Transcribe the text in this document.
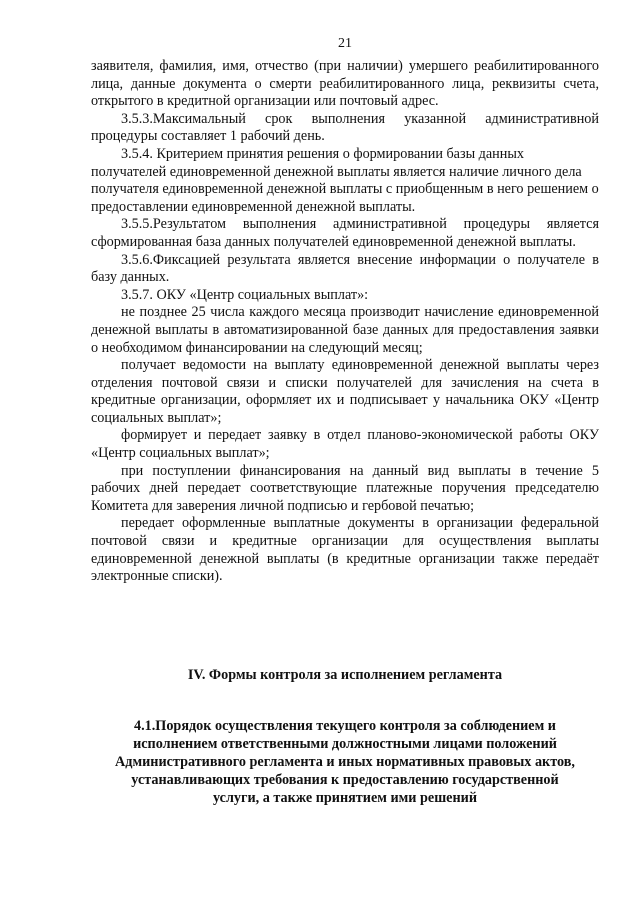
21

заявителя, фамилия, имя, отчество (при наличии) умершего реабилитированного лица, данные документа о смерти реабилитированного лица, реквизиты счета, открытого в кредитной организации или почтовый адрес.

3.5.3.Максимальный срок выполнения указанной административной процедуры составляет 1 рабочий день.

3.5.4. Критерием принятия решения о формировании базы данных получателей единовременной денежной выплаты является наличие личного дела получателя единовременной денежной выплаты с приобщенным в него решением о предоставлении единовременной денежной выплаты.

3.5.5.Результатом выполнения административной процедуры является сформированная база данных получателей единовременной денежной выплаты.

3.5.6.Фиксацией результата является внесение информации о получателе в базу данных.

3.5.7. ОКУ «Центр социальных выплат»:

не позднее 25 числа каждого месяца производит начисление единовременной денежной выплаты в автоматизированной базе данных для предоставления заявки о необходимом финансировании на следующий месяц;

получает ведомости на выплату единовременной денежной выплаты через отделения почтовой связи и списки получателей для зачисления на счета в кредитные организации, оформляет их и подписывает у начальника ОКУ «Центр социальных выплат»;

формирует и передает заявку в отдел планово-экономической работы ОКУ «Центр социальных выплат»;

при поступлении финансирования на данный вид выплаты в течение 5 рабочих дней передает соответствующие платежные поручения председателю Комитета для заверения личной подписью и гербовой печатью;

передает оформленные выплатные документы в организации федеральной почтовой связи и кредитные организации для осуществления выплаты единовременной денежной выплаты (в кредитные организации также передаёт электронные списки).

IV. Формы контроля за исполнением регламента
4.1.Порядок осуществления текущего контроля за соблюдением и
исполнением ответственными должностными лицами положений
Административного регламента и иных нормативных правовых актов,
устанавливающих требования к предоставлению государственной
услуги, а также принятием ими решений
